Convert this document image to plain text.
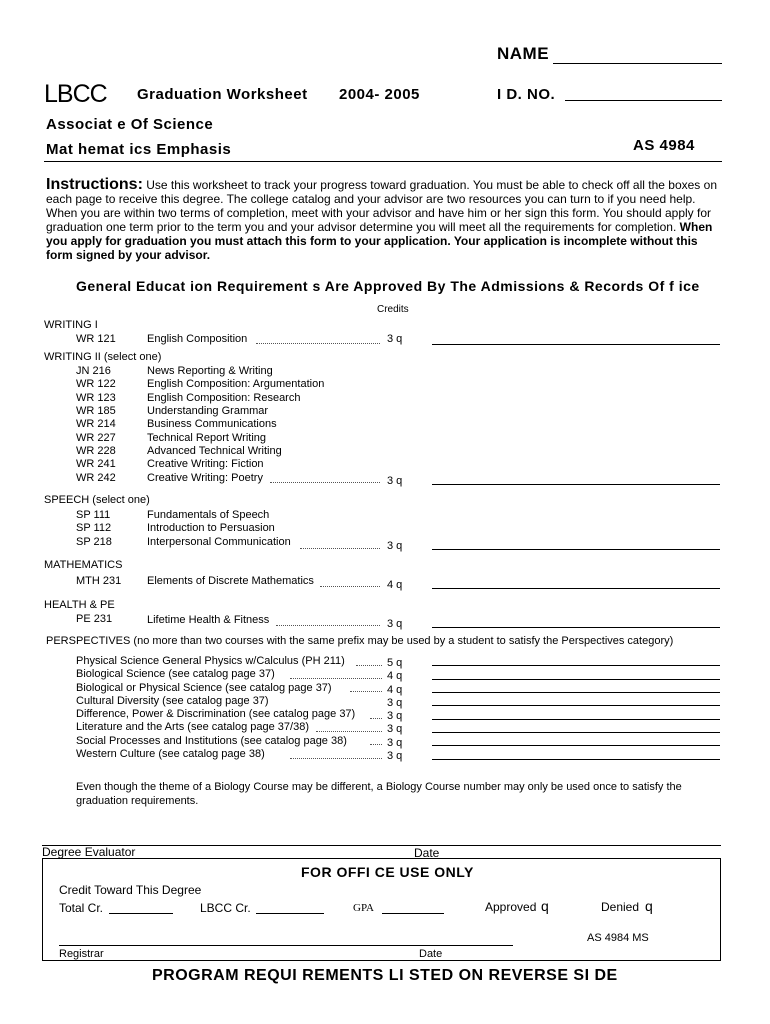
NAME
LBCC Graduation Worksheet 2004- 2005	I D. NO.
Associat e Of Science
Mat hemat ics Emphasis	AS 4984
Instructions: Use this worksheet to track your progress toward graduation. You must be able to check off all the boxes on each page to receive this degree. The college catalog and your advisor are two resources you can turn to if you need help. When you are within two terms of completion, meet with your advisor and have him or her sign this form. You should apply for graduation one term prior to the term you and your advisor determine you will meet all the requirements for completion. When you apply for graduation you must attach this form to your application. Your application is incomplete without this form signed by your advisor.
General Educat ion Requirement s Are Approved By The Admissions & Records Of f ice
Credits
WRITING I
WR 121	English Composition	3 q
WRITING II (select one)
JN 216	News Reporting & Writing
WR 122	English Composition: Argumentation
WR 123	English Composition: Research
WR 185	Understanding Grammar
WR 214	Business Communications
WR 227	Technical Report Writing
WR 228	Advanced Technical Writing
WR 241	Creative Writing: Fiction
WR 242	Creative Writing: Poetry	3 q
SPEECH (select one)
SP 111	Fundamentals of Speech
SP 112	Introduction to Persuasion
SP 218	Interpersonal Communication	3 q
MATHEMATICS
MTH 231 Elements of Discrete Mathematics	4 q
HEALTH & PE
PE 231	Lifetime Health & Fitness	3 q
PERSPECTIVES (no more than two courses with the same prefix may be used by a student to satisfy the Perspectives category)
Physical Science General Physics w/Calculus (PH 211)	5 q
Biological Science (see catalog page 37)	4 q
Biological or Physical Science (see catalog page 37)	4 q
Cultural Diversity (see catalog page 37)	3 q
Difference, Power & Discrimination (see catalog page 37)	3 q
Literature and the Arts (see catalog page 37/38)	3 q
Social Processes and Institutions (see catalog page 38)	3 q
Western Culture (see catalog page 38)	3 q
Even though the theme of a Biology Course may be different, a Biology Course number may only be used once to satisfy the graduation requirements.
Degree Evaluator	Date
FOR OFFI CE USE ONLY
Credit Toward This Degree
Total Cr.	LBCC Cr.	GPA	Approved q	Denied q
AS 4984 MS
Registrar	Date
PROGRAM REQUI REMENTS LI STED ON REVERSE SI DE
